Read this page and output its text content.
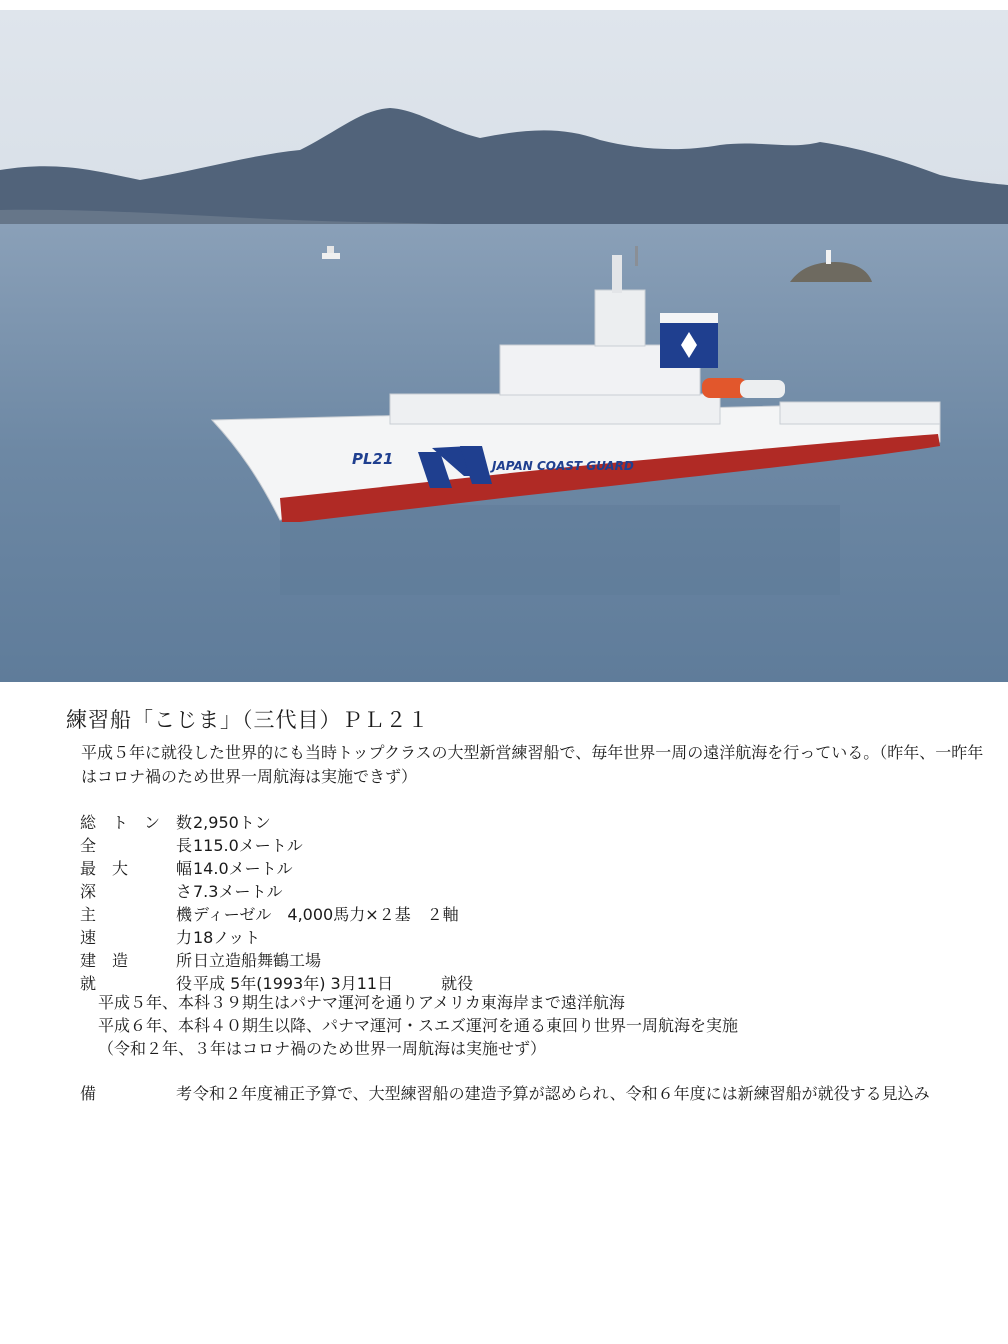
PL21	JAPAN COAST GUARD
練習船「こじま」（三代目）ＰＬ２１
平成５年に就役した世界的にも当時トップクラスの大型新営練習船で、毎年世界一周の遠洋航海を行っている。（昨年、一昨年はコロナ禍のため世界一周航海は実施できず）
総 ト ン 数 2,950トン
全	長 115.0メートル
最 大	幅 14.0メートル
深	さ 7.3メートル
主	機 ディーゼル　4,000馬力×２基　２軸
速	力 18ノット
建 造	所 日立造船舞鶴工場
就	役 平成 5年(1993年) 3月11日　　　就役
平成５年、本科３９期生はパナマ運河を通りアメリカ東海岸まで遠洋航海
平成６年、本科４０期生以降、パナマ運河・スエズ運河を通る東回り世界一周航海を実施
（令和２年、３年はコロナ禍のため世界一周航海は実施せず）
備	考 令和２年度補正予算で、大型練習船の建造予算が認められ、令和６年度には新練習船が就役する見込み
